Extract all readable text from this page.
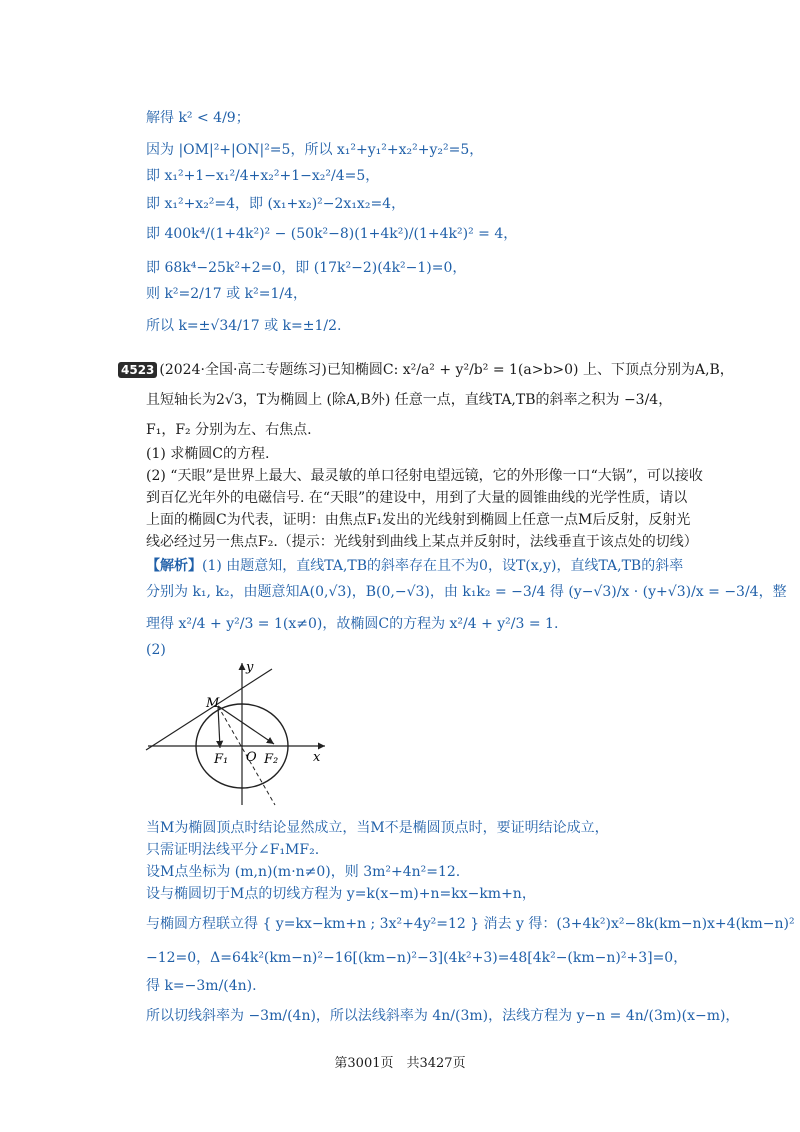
解得 k² < 4/9；
因为 |OM|²+|ON|²=5，所以 x₁²+y₁²+x₂²+y₂²=5，
即 x₁²+1−x₁²/4+x₂²+1−x₂²/4=5，
即 x₁²+x₂²=4，即 (x₁+x₂)²−2x₁x₂=4，
即 400k⁴/(1+4k²)² − (50k²−8)(1+4k²)/(1+4k²)² = 4，
即 68k⁴−25k²+2=0，即 (17k²−2)(4k²−1)=0，
则 k²=2/17 或 k²=1/4，
所以 k=±√34/17 或 k=±1/2.
4523 (2024·全国·高二专题练习)已知椭圆C: x²/a² + y²/b² = 1(a>b>0) 上、下顶点分别为A,B，
且短轴长为2√3，T为椭圆上 (除A,B外) 任意一点，直线TA,TB的斜率之积为 −3/4，
F₁，F₂ 分别为左、右焦点.
(1) 求椭圆C的方程.
(2) “天眼”是世界上最大、最灵敏的单口径射电望远镜，它的外形像一口“大锅”，可以接收
到百亿光年外的电磁信号. 在“天眼”的建设中，用到了大量的圆锥曲线的光学性质，请以
上面的椭圆C为代表，证明：由焦点F₁发出的光线射到椭圆上任意一点M后反射，反射光
线必经过另一焦点F₂.（提示：光线射到曲线上某点并反射时，法线垂直于该点处的切线）
【解析】(1) 由题意知，直线TA,TB的斜率存在且不为0，设T(x,y)，直线TA,TB的斜率
分别为 k₁, k₂，由题意知A(0,√3)，B(0,−√3)，由 k₁k₂ = −3/4 得 (y−√3)/x · (y+√3)/x = −3/4，整
理得 x²/4 + y²/3 = 1(x≠0)，故椭圆C的方程为 x²/4 + y²/3 = 1.
(2)
y
x
M
O
F₁	F₂
当M为椭圆顶点时结论显然成立，当M不是椭圆顶点时，要证明结论成立，
只需证明法线平分∠F₁MF₂.
设M点坐标为 (m,n)(m·n≠0)，则 3m²+4n²=12.
设与椭圆切于M点的切线方程为 y=k(x−m)+n=kx−km+n，
与椭圆方程联立得 { y=kx−km+n ; 3x²+4y²=12 } 消去 y 得：(3+4k²)x²−8k(km−n)x+4(km−n)²
−12=0，Δ=64k²(km−n)²−16[(km−n)²−3](4k²+3)=48[4k²−(km−n)²+3]=0，
得 k=−3m/(4n).
所以切线斜率为 −3m/(4n)，所以法线斜率为 4n/(3m)，法线方程为 y−n = 4n/(3m)(x−m)，
第3001页　共3427页
